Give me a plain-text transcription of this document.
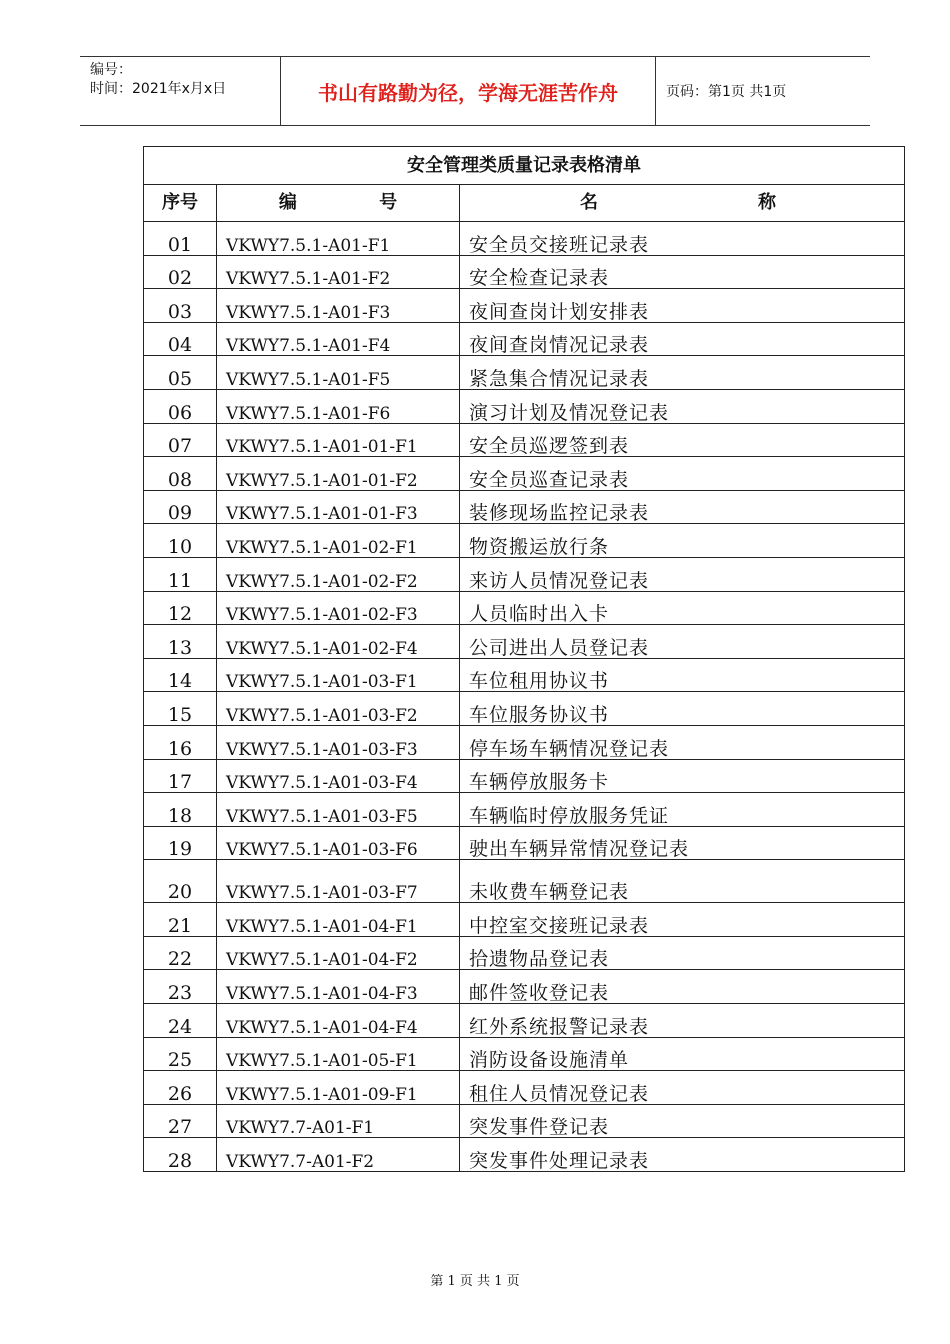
编号：
时间：2021年x月x日	书山有路勤为径，学海无涯苦作舟	页码：第1页 共1页
安全管理类质量记录表格清单		
序号	编 号	名 称
01	VKWY7.5.1-A01-F1	安全员交接班记录表
02	VKWY7.5.1-A01-F2	安全检查记录表
03	VKWY7.5.1-A01-F3	夜间查岗计划安排表
04	VKWY7.5.1-A01-F4	夜间查岗情况记录表
05	VKWY7.5.1-A01-F5	紧急集合情况记录表
06	VKWY7.5.1-A01-F6	演习计划及情况登记表
07	VKWY7.5.1-A01-01-F1	安全员巡逻签到表
08	VKWY7.5.1-A01-01-F2	安全员巡查记录表
09	VKWY7.5.1-A01-01-F3	装修现场监控记录表
10	VKWY7.5.1-A01-02-F1	物资搬运放行条
11	VKWY7.5.1-A01-02-F2	来访人员情况登记表
12	VKWY7.5.1-A01-02-F3	人员临时出入卡
13	VKWY7.5.1-A01-02-F4	公司进出人员登记表
14	VKWY7.5.1-A01-03-F1	车位租用协议书
15	VKWY7.5.1-A01-03-F2	车位服务协议书
16	VKWY7.5.1-A01-03-F3	停车场车辆情况登记表
17	VKWY7.5.1-A01-03-F4	车辆停放服务卡
18	VKWY7.5.1-A01-03-F5	车辆临时停放服务凭证
19	VKWY7.5.1-A01-03-F6	驶出车辆异常情况登记表
20	VKWY7.5.1-A01-03-F7	未收费车辆登记表
21	VKWY7.5.1-A01-04-F1	中控室交接班记录表
22	VKWY7.5.1-A01-04-F2	拾遗物品登记表
23	VKWY7.5.1-A01-04-F3	邮件签收登记表
24	VKWY7.5.1-A01-04-F4	红外系统报警记录表
25	VKWY7.5.1-A01-05-F1	消防设备设施清单
26	VKWY7.5.1-A01-09-F1	租住人员情况登记表
27	VKWY7.7-A01-F1	突发事件登记表
28	VKWY7.7-A01-F2	突发事件处理记录表
第 1 页 共 1 页
